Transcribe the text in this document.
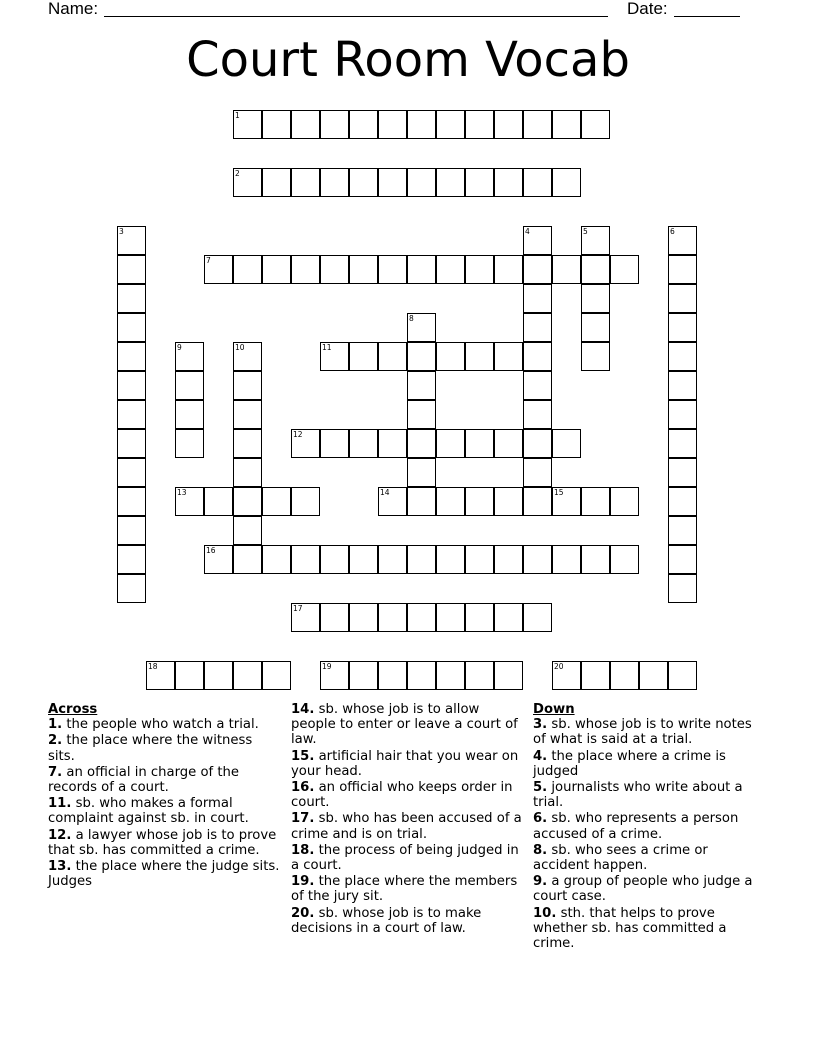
Name:	Date:
Court Room Vocab
1
2
3	4	5	6
7
8
9	10	11
12
13	14	15
16
17
18	19	20
Across
1. the people who watch a trial.
2. the place where the witness sits.
7. an official in charge of the records of a court.
11. sb. who makes a formal complaint against sb. in court.
12. a lawyer whose job is to prove that sb. has committed a crime.
13. the place where the judge sits. Judges
14. sb. whose job is to allow people to enter or leave a court of law.
15. artificial hair that you wear on your head.
16. an official who keeps order in court.
17. sb. who has been accused of a crime and is on trial.
18. the process of being judged in a court.
19. the place where the members of the jury sit.
20. sb. whose job is to make decisions in a court of law.
Down
3. sb. whose job is to write notes of what is said at a trial.
4. the place where a crime is judged
5. journalists who write about a trial.
6. sb. who represents a person accused of a crime.
8. sb. who sees a crime or accident happen.
9. a group of people who judge a court case.
10. sth. that helps to prove whether sb. has committed a crime.
